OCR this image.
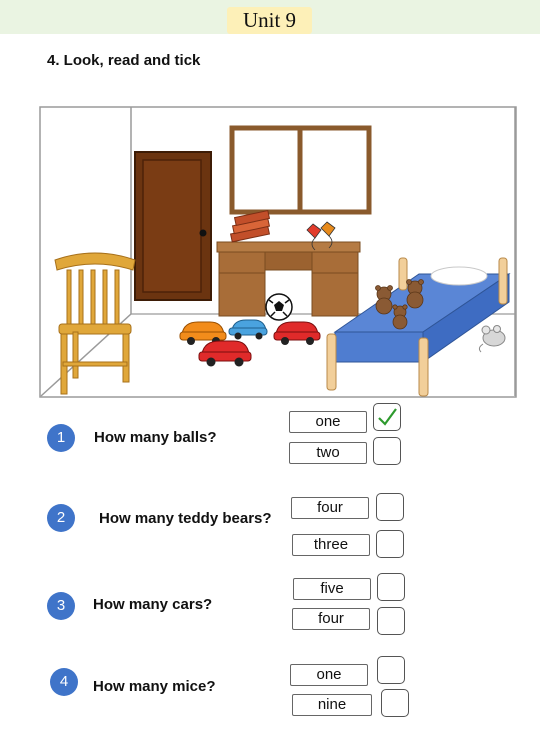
Unit 9
4. Look, read and tick
1	How many balls?
one
two
2	How many teddy bears?
four
three
3	How many cars?
five
four
4	How many mice?
one
nine
